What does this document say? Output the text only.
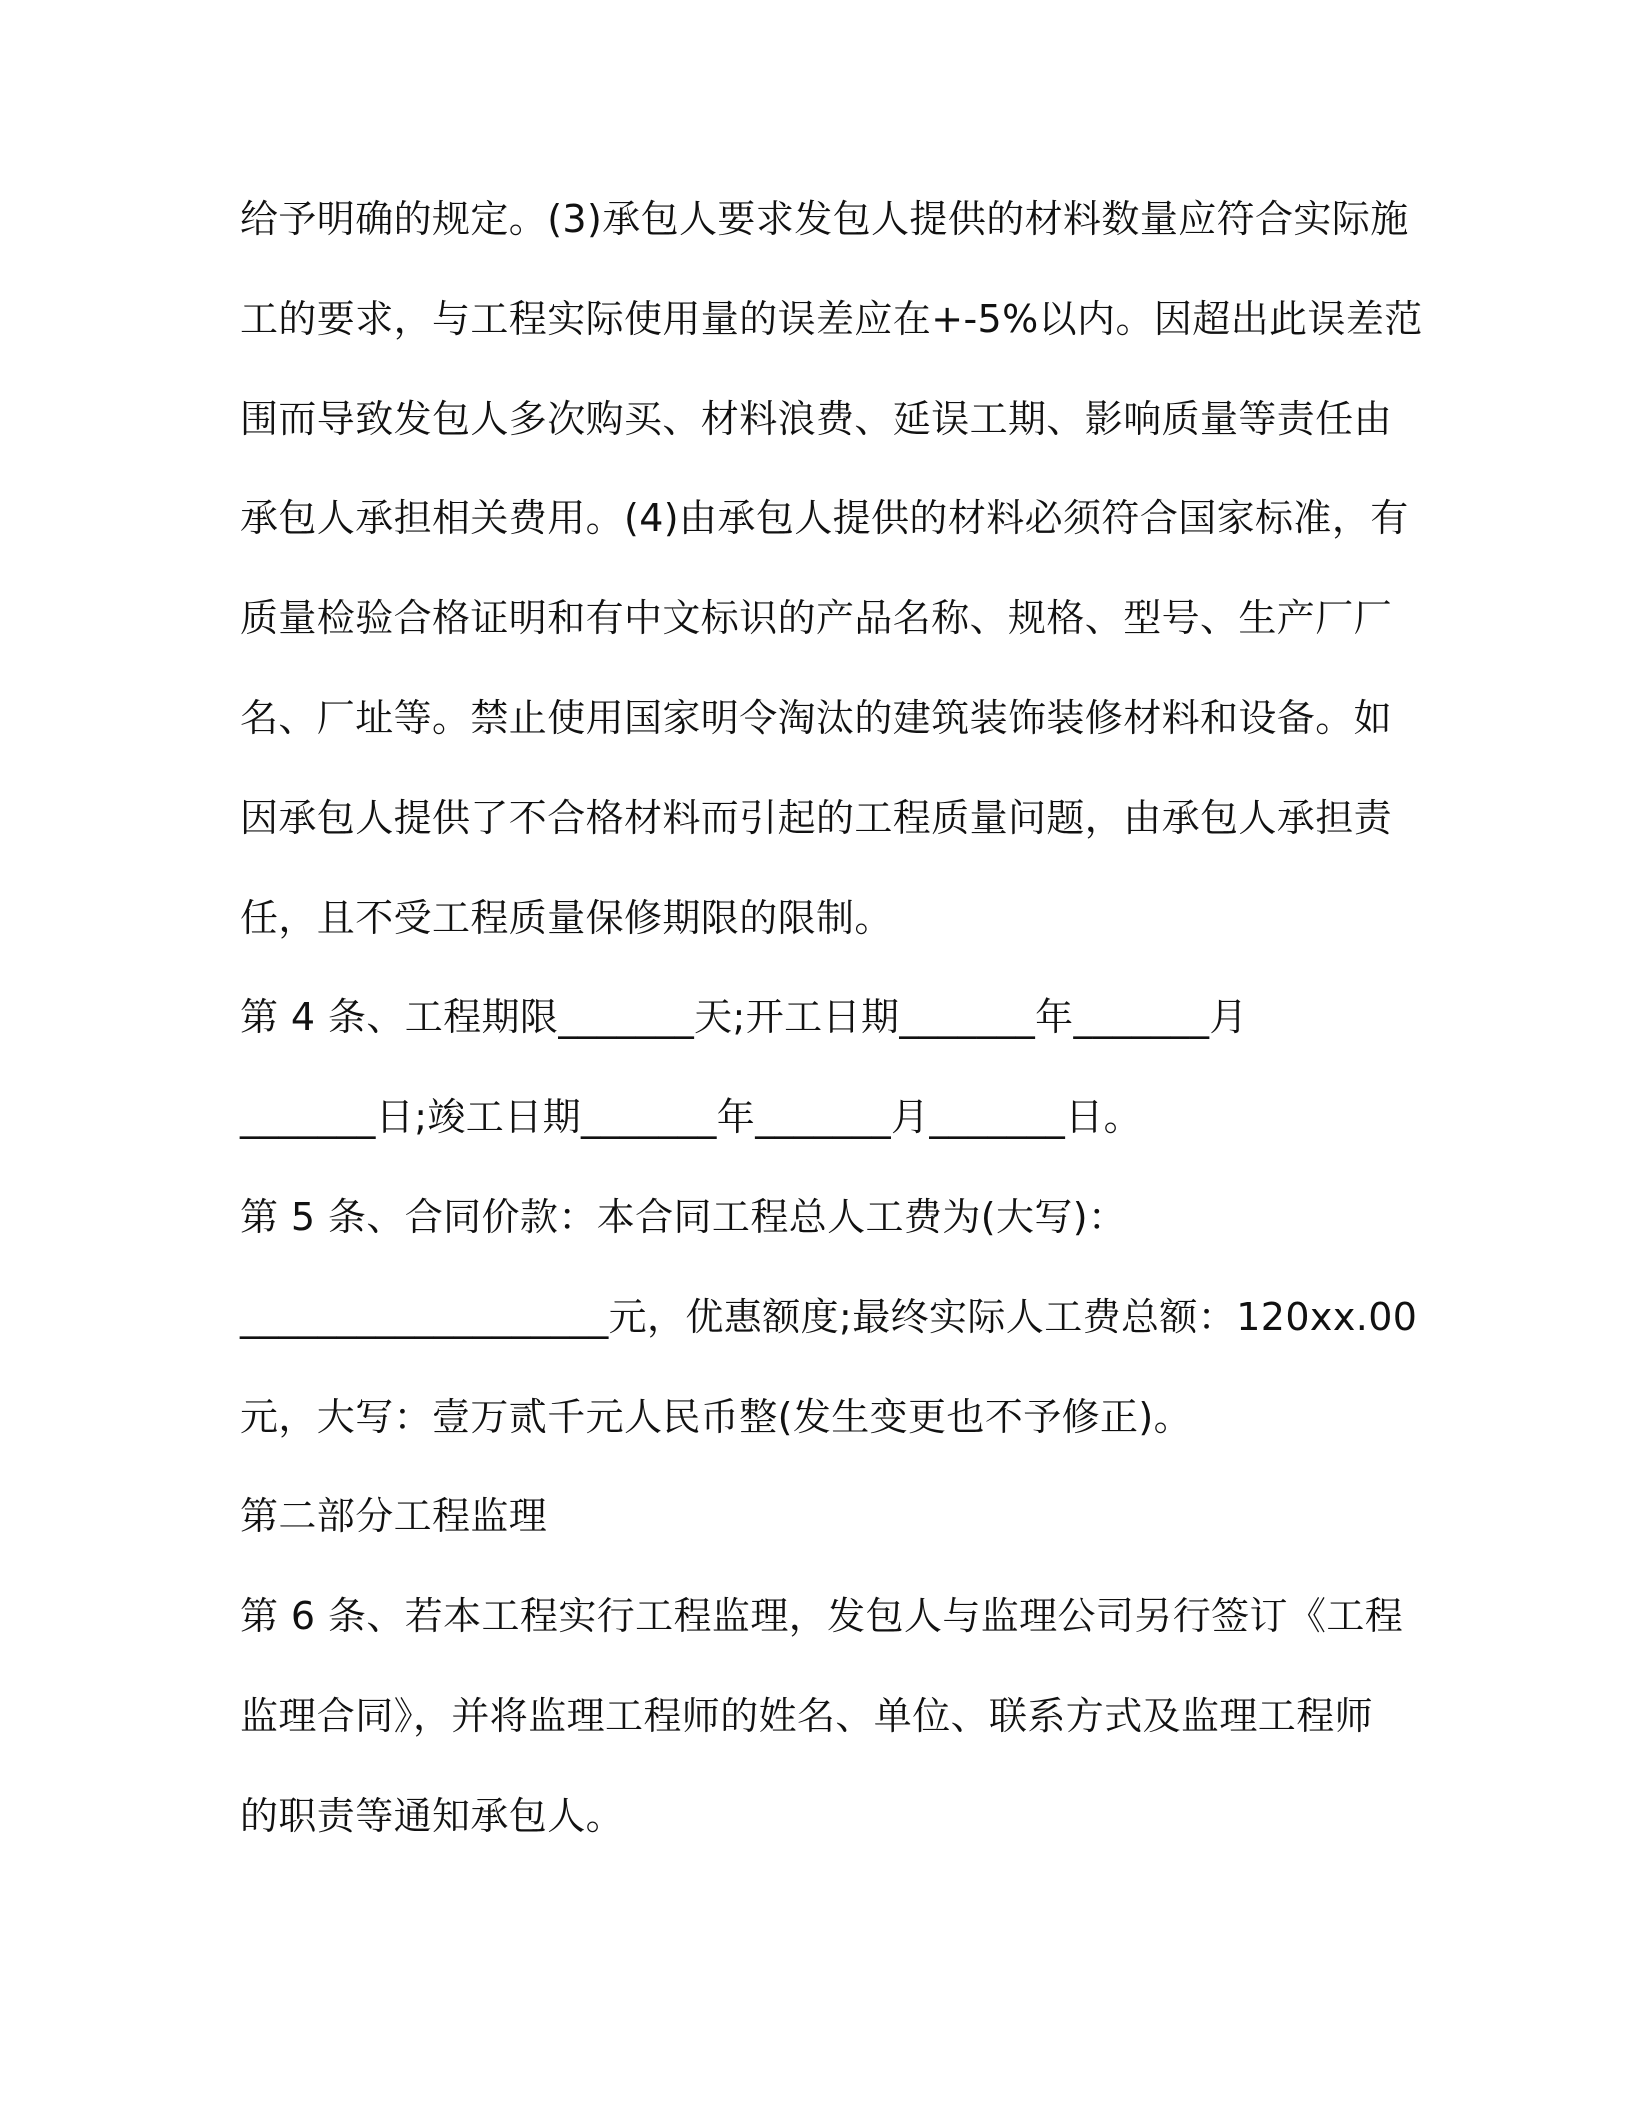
给予明确的规定。(3)承包人要求发包人提供的材料数量应符合实际施

工的要求，与工程实际使用量的误差应在+-5%以内。因超出此误差范

围而导致发包人多次购买、材料浪费、延误工期、影响质量等责任由

承包人承担相关费用。(4)由承包人提供的材料必须符合国家标准，有

质量检验合格证明和有中文标识的产品名称、规格、型号、生产厂厂

名、厂址等。禁止使用国家明令淘汰的建筑装饰装修材料和设备。如

因承包人提供了不合格材料而引起的工程质量问题，由承包人承担责

任，且不受工程质量保修期限的限制。

第 4 条、工程期限_______天;开工日期_______年_______月

_______日;竣工日期_______年_______月_______日。

第 5 条、合同价款：本合同工程总人工费为(大写)：

___________________元，优惠额度;最终实际人工费总额：120xx.00

元，大写：壹万贰千元人民币整(发生变更也不予修正)。

第二部分工程监理

第 6 条、若本工程实行工程监理，发包人与监理公司另行签订《工程

监理合同》，并将监理工程师的姓名、单位、联系方式及监理工程师

的职责等通知承包人。
